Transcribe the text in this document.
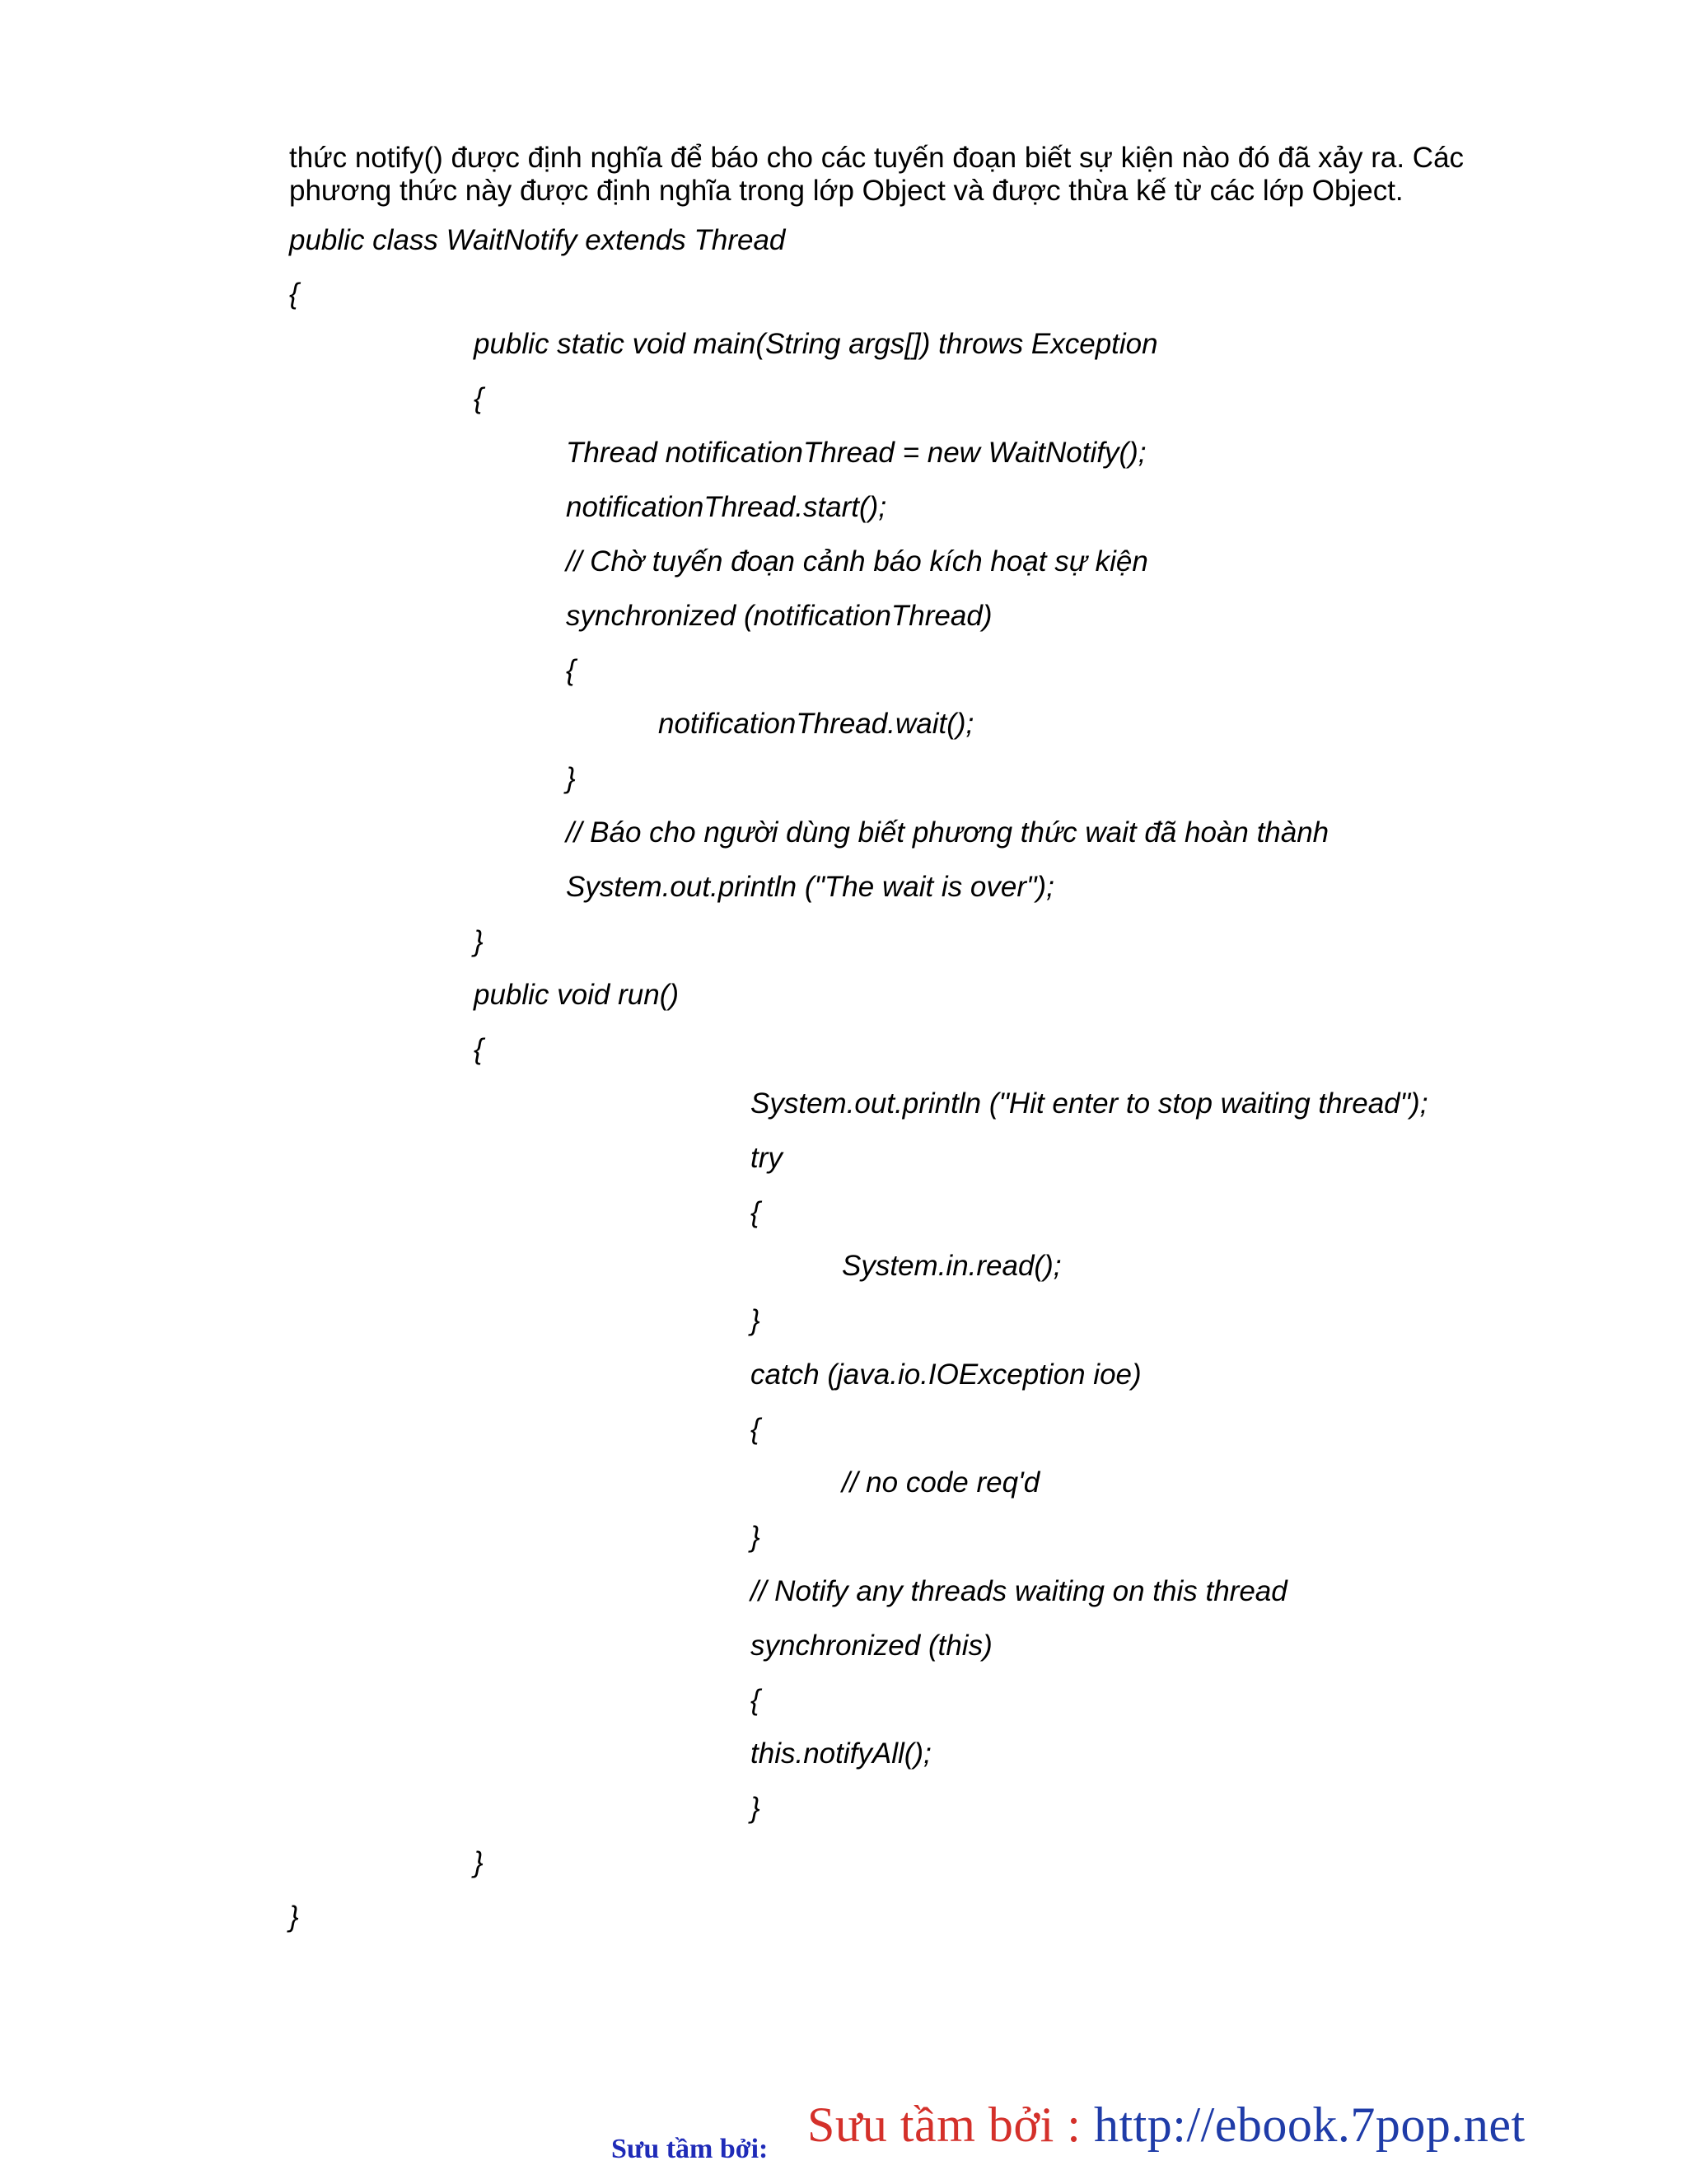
thức notify() được định nghĩa để báo cho các tuyến đoạn biết sự kiện nào đó đã xảy ra. Các
phương thức này được định nghĩa trong lớp Object và được thừa kế từ các lớp Object.
public class WaitNotify extends Thread
{
public static void main(String args[]) throws Exception
{
Thread notificationThread = new WaitNotify();
notificationThread.start();
// Chờ tuyến đoạn cảnh báo kích hoạt sự kiện
synchronized (notificationThread)
{
notificationThread.wait();
}
// Báo cho người dùng biết phương thức wait đã hoàn thành
System.out.println ("The wait is over");
}
public void run()
{
System.out.println ("Hit enter to stop waiting thread");
try
{
System.in.read();
}
catch (java.io.IOException ioe)
{
// no code req'd
}
// Notify any threads waiting on this thread
synchronized (this)
{
this.notifyAll();
}
}
}
Sưu tầm bởi: Sưu tầm bởi : http://ebook.7pop.net
